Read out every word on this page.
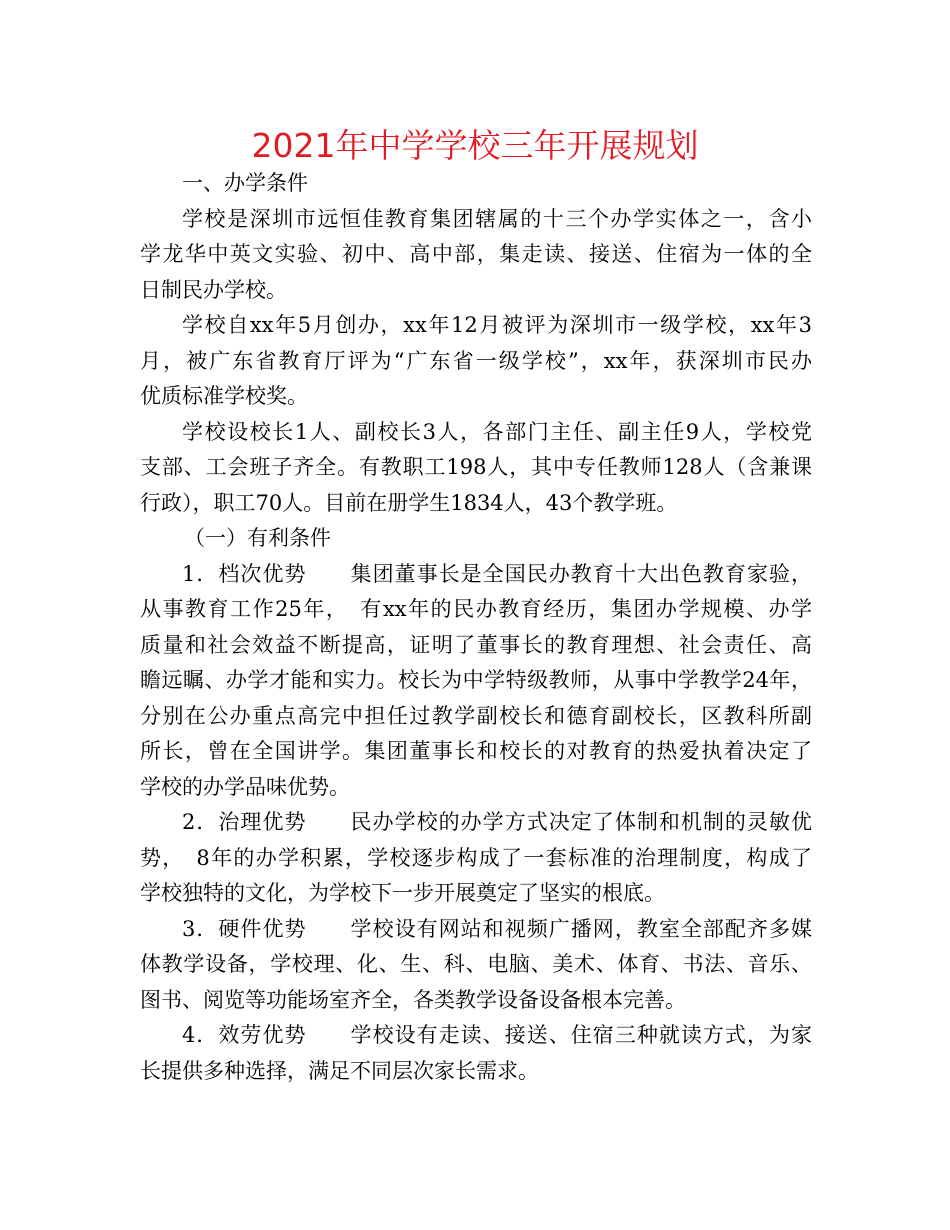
2021年中学学校三年开展规划
一、办学条件
学校是深圳市远恒佳教育集团辖属的十三个办学实体之一，含小
学龙华中英文实验、初中、高中部，集走读、接送、住宿为一体的全
日制民办学校。
学校自xx年5月创办，xx年12月被评为深圳市一级学校，xx年3
月，被广东省教育厅评为“广东省一级学校”，xx年，获深圳市民办
优质标准学校奖。
学校设校长1人、副校长3人，各部门主任、副主任9人，学校党
支部、工会班子齐全。有教职工198人，其中专任教师128人（含兼课
行政），职工70人。目前在册学生1834人，43个教学班。
（一）有利条件
1．档次优势　　集团董事长是全国民办教育十大出色教育家验，
从事教育工作25年，　有xx年的民办教育经历，集团办学规模、办学
质量和社会效益不断提高，证明了董事长的教育理想、社会责任、高
瞻远瞩、办学才能和实力。校长为中学特级教师，从事中学教学24年，
分别在公办重点高完中担任过教学副校长和德育副校长，区教科所副
所长，曾在全国讲学。集团董事长和校长的对教育的热爱执着决定了
学校的办学品味优势。
2．治理优势　　民办学校的办学方式决定了体制和机制的灵敏优
势，　8年的办学积累，学校逐步构成了一套标准的治理制度，构成了
学校独特的文化，为学校下一步开展奠定了坚实的根底。
3．硬件优势　　学校设有网站和视频广播网，教室全部配齐多媒
体教学设备，学校理、化、生、科、电脑、美术、体育、书法、音乐、
图书、阅览等功能场室齐全，各类教学设备设备根本完善。
4．效劳优势　　学校设有走读、接送、住宿三种就读方式，为家
长提供多种选择，满足不同层次家长需求。
